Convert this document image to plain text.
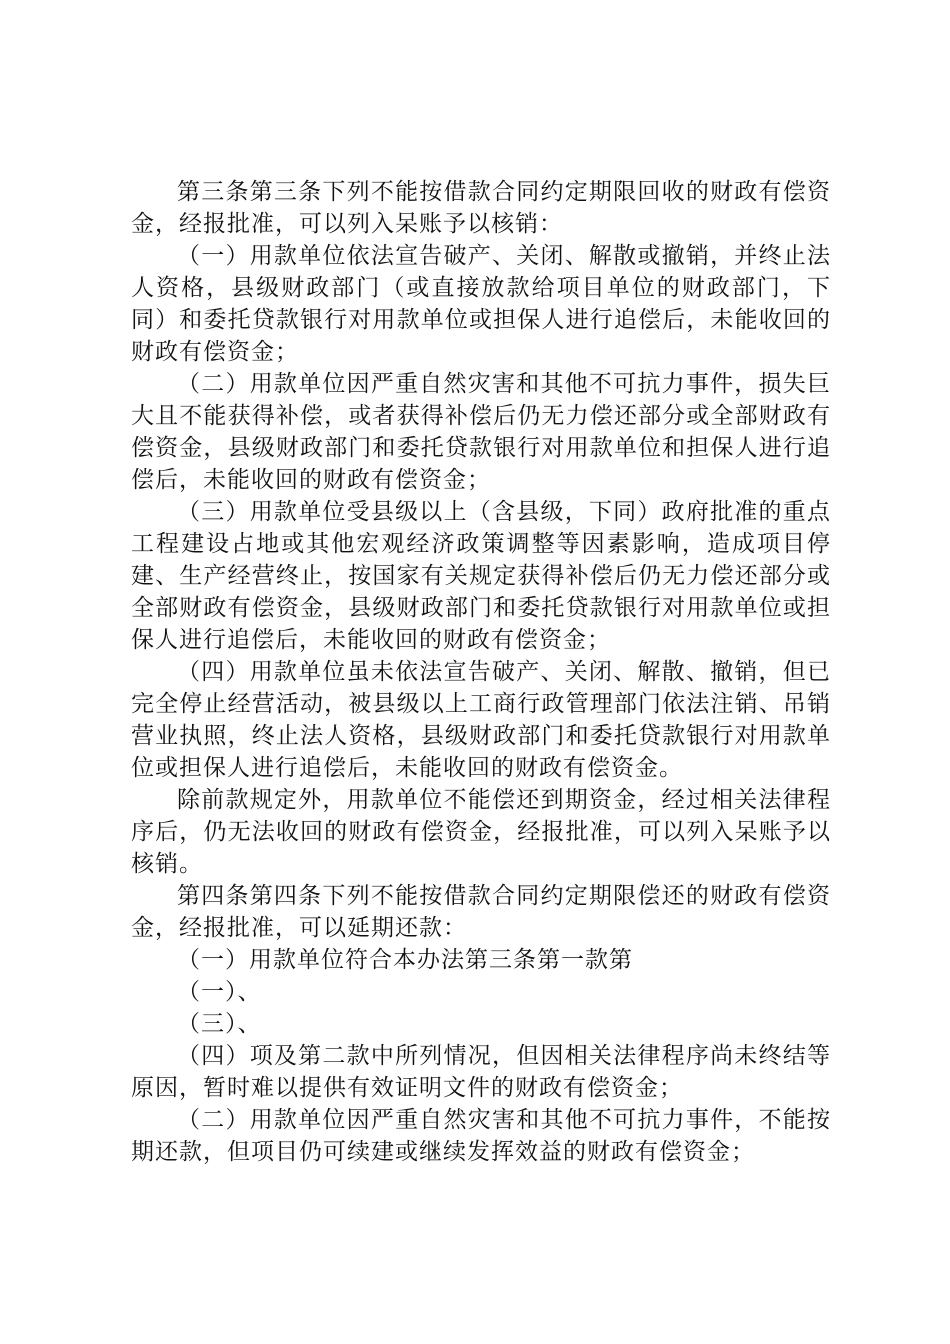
第三条第三条下列不能按借款合同约定期限回收的财政有偿资金，经报批准，可以列入呆账予以核销：

（一）用款单位依法宣告破产、关闭、解散或撤销，并终止法人资格，县级财政部门（或直接放款给项目单位的财政部门，下同）和委托贷款银行对用款单位或担保人进行追偿后，未能收回的财政有偿资金；

（二）用款单位因严重自然灾害和其他不可抗力事件，损失巨大且不能获得补偿，或者获得补偿后仍无力偿还部分或全部财政有偿资金，县级财政部门和委托贷款银行对用款单位和担保人进行追偿后，未能收回的财政有偿资金；

（三）用款单位受县级以上（含县级，下同）政府批准的重点工程建设占地或其他宏观经济政策调整等因素影响，造成项目停建、生产经营终止，按国家有关规定获得补偿后仍无力偿还部分或全部财政有偿资金，县级财政部门和委托贷款银行对用款单位或担保人进行追偿后，未能收回的财政有偿资金；

（四）用款单位虽未依法宣告破产、关闭、解散、撤销，但已完全停止经营活动，被县级以上工商行政管理部门依法注销、吊销营业执照，终止法人资格，县级财政部门和委托贷款银行对用款单位或担保人进行追偿后，未能收回的财政有偿资金。

除前款规定外，用款单位不能偿还到期资金，经过相关法律程序后，仍无法收回的财政有偿资金，经报批准，可以列入呆账予以核销。

第四条第四条下列不能按借款合同约定期限偿还的财政有偿资金，经报批准，可以延期还款：

（一）用款单位符合本办法第三条第一款第

（一）、

（三）、

（四）项及第二款中所列情况，但因相关法律程序尚未终结等原因，暂时难以提供有效证明文件的财政有偿资金；

（二）用款单位因严重自然灾害和其他不可抗力事件，不能按期还款，但项目仍可续建或继续发挥效益的财政有偿资金；
